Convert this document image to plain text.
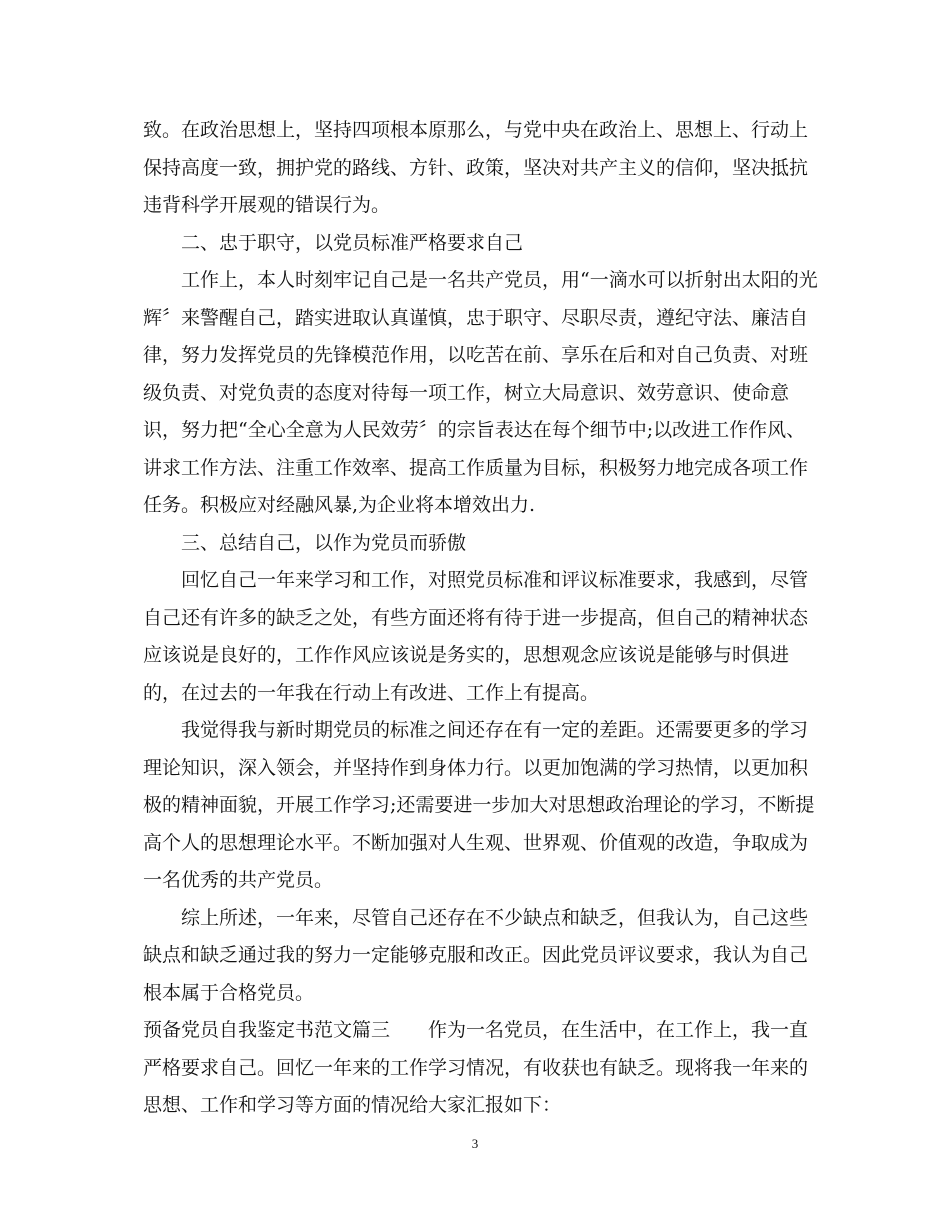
致。在政治思想上，坚持四项根本原那么，与党中央在政治上、思想上、行动上
保持高度一致，拥护党的路线、方针、政策，坚决对共产主义的信仰，坚决抵抗
违背科学开展观的错误行为。
二、忠于职守，以党员标准严格要求自己
工作上，本人时刻牢记自己是一名共产党员，用“一滴水可以折射出太阳的光
辉〞来警醒自己，踏实进取认真谨慎，忠于职守、尽职尽责，遵纪守法、廉洁自
律，努力发挥党员的先锋模范作用，以吃苦在前、享乐在后和对自己负责、对班
级负责、对党负责的态度对待每一项工作，树立大局意识、效劳意识、使命意
识，努力把“全心全意为人民效劳〞的宗旨表达在每个细节中;以改进工作作风、
讲求工作方法、注重工作效率、提高工作质量为目标，积极努力地完成各项工作
任务。积极应对经融风暴,为企业将本增效出力.
三、总结自己，以作为党员而骄傲
回忆自己一年来学习和工作，对照党员标准和评议标准要求，我感到，尽管
自己还有许多的缺乏之处，有些方面还将有待于进一步提高，但自己的精神状态
应该说是良好的，工作作风应该说是务实的，思想观念应该说是能够与时俱进
的，在过去的一年我在行动上有改进、工作上有提高。
我觉得我与新时期党员的标准之间还存在有一定的差距。还需要更多的学习
理论知识，深入领会，并坚持作到身体力行。以更加饱满的学习热情，以更加积
极的精神面貌，开展工作学习;还需要进一步加大对思想政治理论的学习，不断提
高个人的思想理论水平。不断加强对人生观、世界观、价值观的改造，争取成为
一名优秀的共产党员。
综上所述，一年来，尽管自己还存在不少缺点和缺乏，但我认为，自己这些
缺点和缺乏通过我的努力一定能够克服和改正。因此党员评议要求，我认为自己
根本属于合格党员。
预备党员自我鉴定书范文篇三　　作为一名党员，在生活中，在工作上，我一直
严格要求自己。回忆一年来的工作学习情况，有收获也有缺乏。现将我一年来的
思想、工作和学习等方面的情况给大家汇报如下：
3
